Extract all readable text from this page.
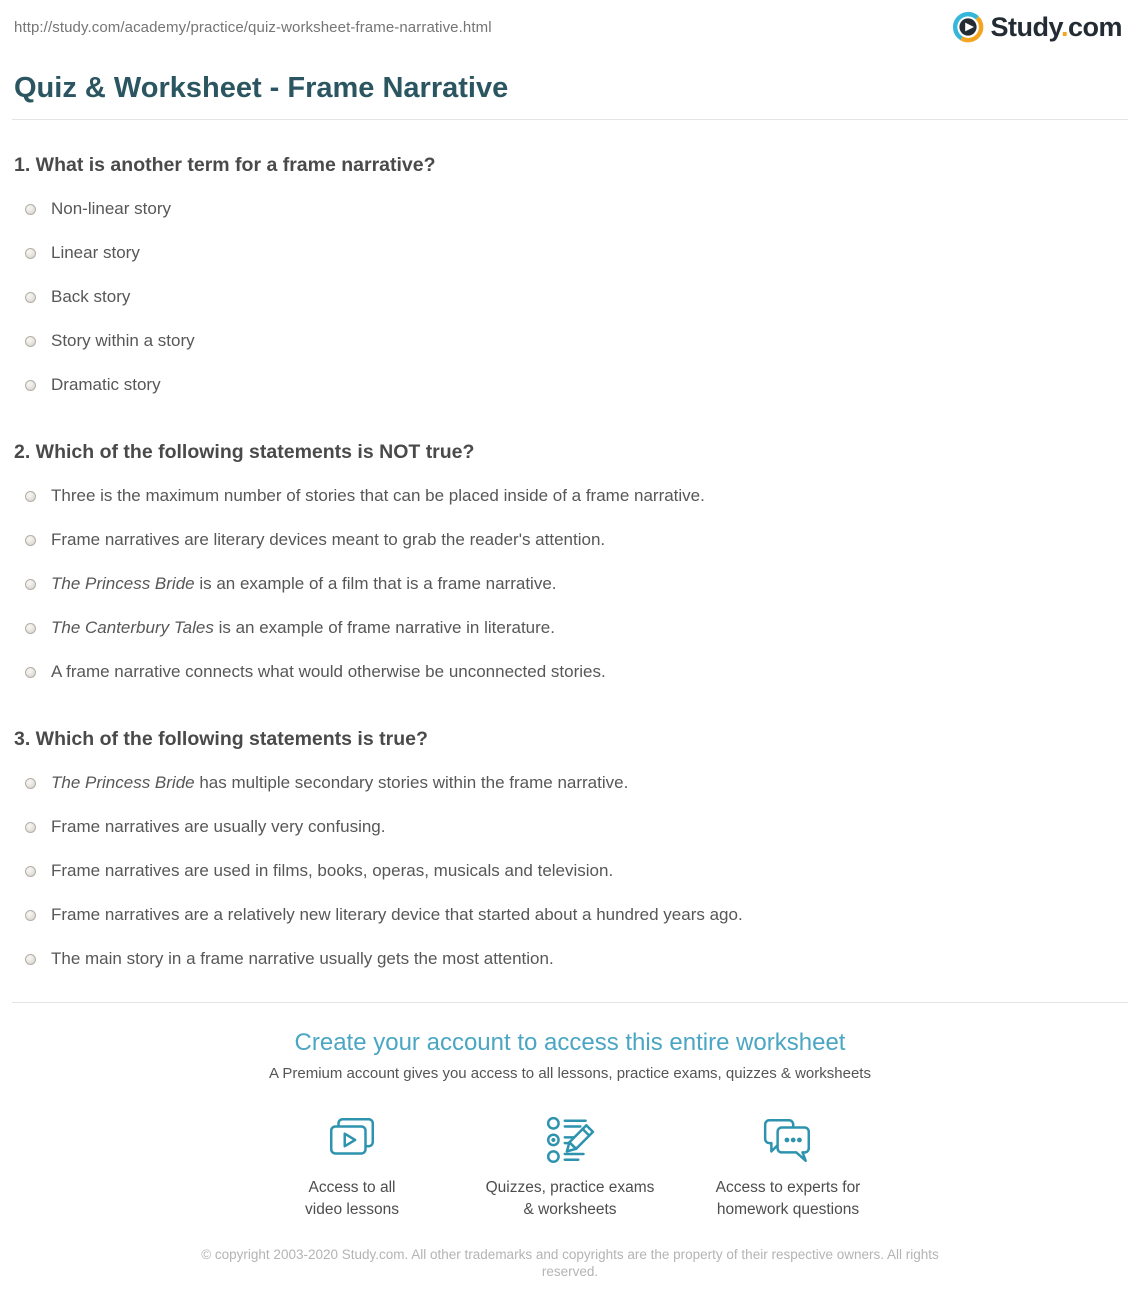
http://study.com/academy/practice/quiz-worksheet-frame-narrative.html	Study.com
Quiz & Worksheet - Frame Narrative
1. What is another term for a frame narrative?
Non-linear story
Linear story
Back story
Story within a story
Dramatic story
2. Which of the following statements is NOT true?
Three is the maximum number of stories that can be placed inside of a frame narrative.
Frame narratives are literary devices meant to grab the reader's attention.
The Princess Bride is an example of a film that is a frame narrative.
The Canterbury Tales is an example of frame narrative in literature.
A frame narrative connects what would otherwise be unconnected stories.
3. Which of the following statements is true?
The Princess Bride has multiple secondary stories within the frame narrative.
Frame narratives are usually very confusing.
Frame narratives are used in films, books, operas, musicals and television.
Frame narratives are a relatively new literary device that started about a hundred years ago.
The main story in a frame narrative usually gets the most attention.
Create your account to access this entire worksheet

A Premium account gives you access to all lessons, practice exams, quizzes & worksheets

Access to all
video lessons
Quizzes, practice exams
& worksheets
Access to experts for
homework questions

© copyright 2003-2020 Study.com. All other trademarks and copyrights are the property of their respective owners. All rights reserved.
